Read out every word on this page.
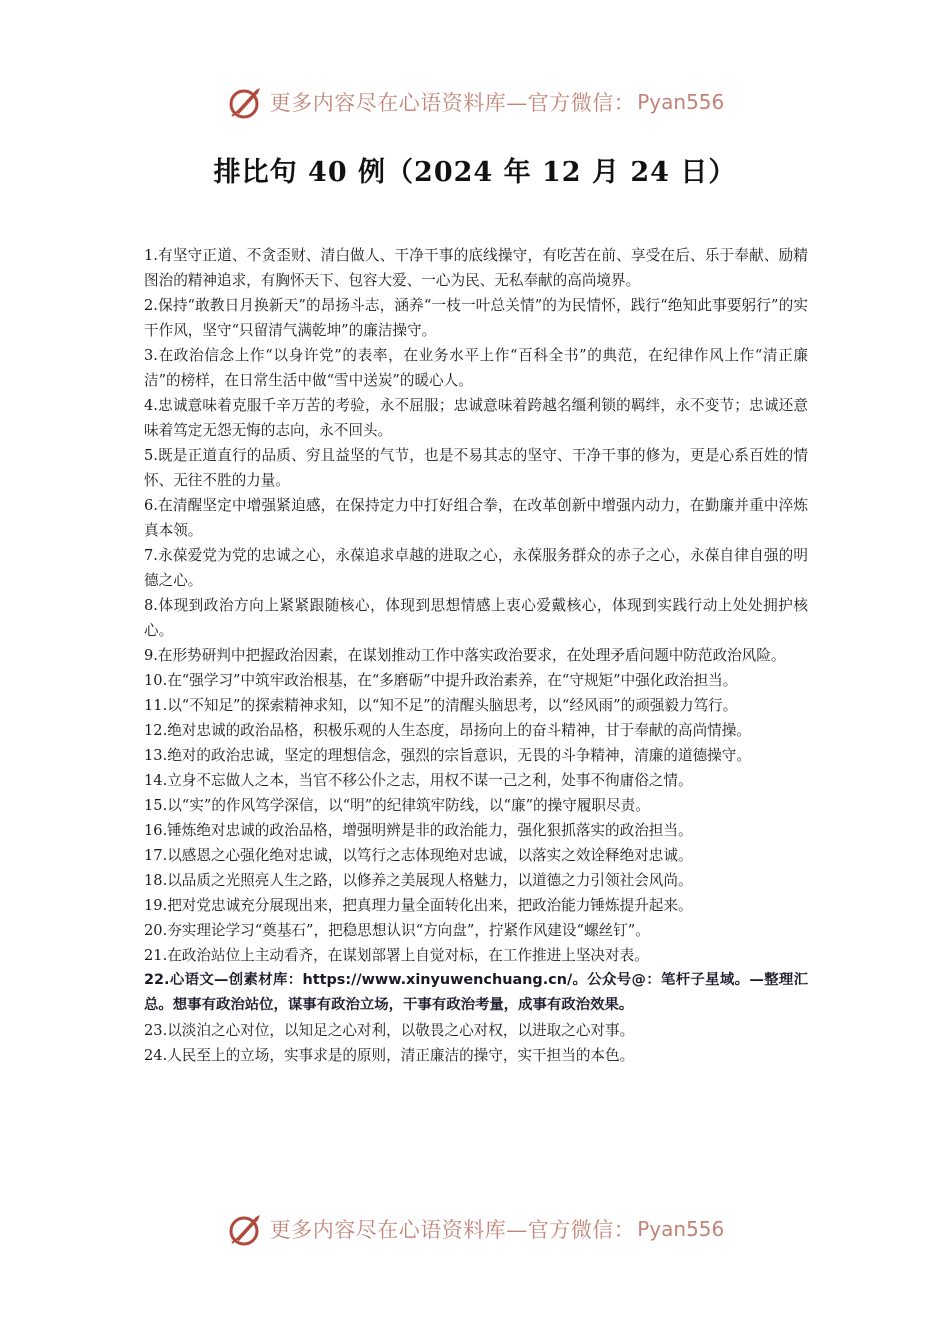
更多内容尽在心语资料库—官方微信： Pyan556
排比句 40 例（2024 年 12 月 24 日）

1.有坚守正道、不贪歪财、清白做人、干净干事的底线操守，有吃苦在前、享受在后、乐于奉献、励精图治的精神追求，有胸怀天下、包容大爱、一心为民、无私奉献的高尚境界。

2.保持“敢教日月换新天”的昂扬斗志，涵养“一枝一叶总关情”的为民情怀，践行“绝知此事要躬行”的实干作风，坚守“只留清气满乾坤”的廉洁操守。

3.在政治信念上作“以身许党”的表率，在业务水平上作“百科全书”的典范，在纪律作风上作“清正廉洁”的榜样，在日常生活中做“雪中送炭”的暖心人。

4.忠诚意味着克服千辛万苦的考验，永不屈服；忠诚意味着跨越名缰利锁的羁绊，永不变节；忠诚还意味着笃定无怨无悔的志向，永不回头。

5.既是正道直行的品质、穷且益坚的气节，也是不易其志的坚守、干净干事的修为，更是心系百姓的情怀、无往不胜的力量。

6.在清醒坚定中增强紧迫感，在保持定力中打好组合拳，在改革创新中增强内动力，在勤廉并重中淬炼真本领。

7.永葆爱党为党的忠诚之心，永葆追求卓越的进取之心，永葆服务群众的赤子之心，永葆自律自强的明德之心。

8.体现到政治方向上紧紧跟随核心，体现到思想情感上衷心爱戴核心，体现到实践行动上处处拥护核心。

9.在形势研判中把握政治因素，在谋划推动工作中落实政治要求，在处理矛盾问题中防范政治风险。

10.在“强学习”中筑牢政治根基，在“多磨砺”中提升政治素养，在“守规矩”中强化政治担当。

11.以“不知足”的探索精神求知，以“知不足”的清醒头脑思考，以“经风雨”的顽强毅力笃行。

12.绝对忠诚的政治品格，积极乐观的人生态度，昂扬向上的奋斗精神，甘于奉献的高尚情操。

13.绝对的政治忠诚，坚定的理想信念，强烈的宗旨意识，无畏的斗争精神，清廉的道德操守。

14.立身不忘做人之本，当官不移公仆之志，用权不谋一己之利，处事不徇庸俗之情。

15.以“实”的作风笃学深信，以“明”的纪律筑牢防线，以“廉”的操守履职尽责。

16.锤炼绝对忠诚的政治品格，增强明辨是非的政治能力，强化狠抓落实的政治担当。

17.以感恩之心强化绝对忠诚，以笃行之志体现绝对忠诚，以落实之效诠释绝对忠诚。

18.以品质之光照亮人生之路，以修养之美展现人格魅力，以道德之力引领社会风尚。

19.把对党忠诚充分展现出来，把真理力量全面转化出来，把政治能力锤炼提升起来。

20.夯实理论学习“奠基石”，把稳思想认识“方向盘”，拧紧作风建设“螺丝钉”。

21.在政治站位上主动看齐，在谋划部署上自觉对标，在工作推进上坚决对表。

22.心语文—创素材库：https://www.xinyuwenchuang.cn/。公众号@：笔杆子星域。—整理汇总。想事有政治站位，谋事有政治立场，干事有政治考量，成事有政治效果。

23.以淡泊之心对位，以知足之心对利，以敬畏之心对权，以进取之心对事。

24.人民至上的立场，实事求是的原则，清正廉洁的操守，实干担当的本色。

更多内容尽在心语资料库—官方微信： Pyan556
